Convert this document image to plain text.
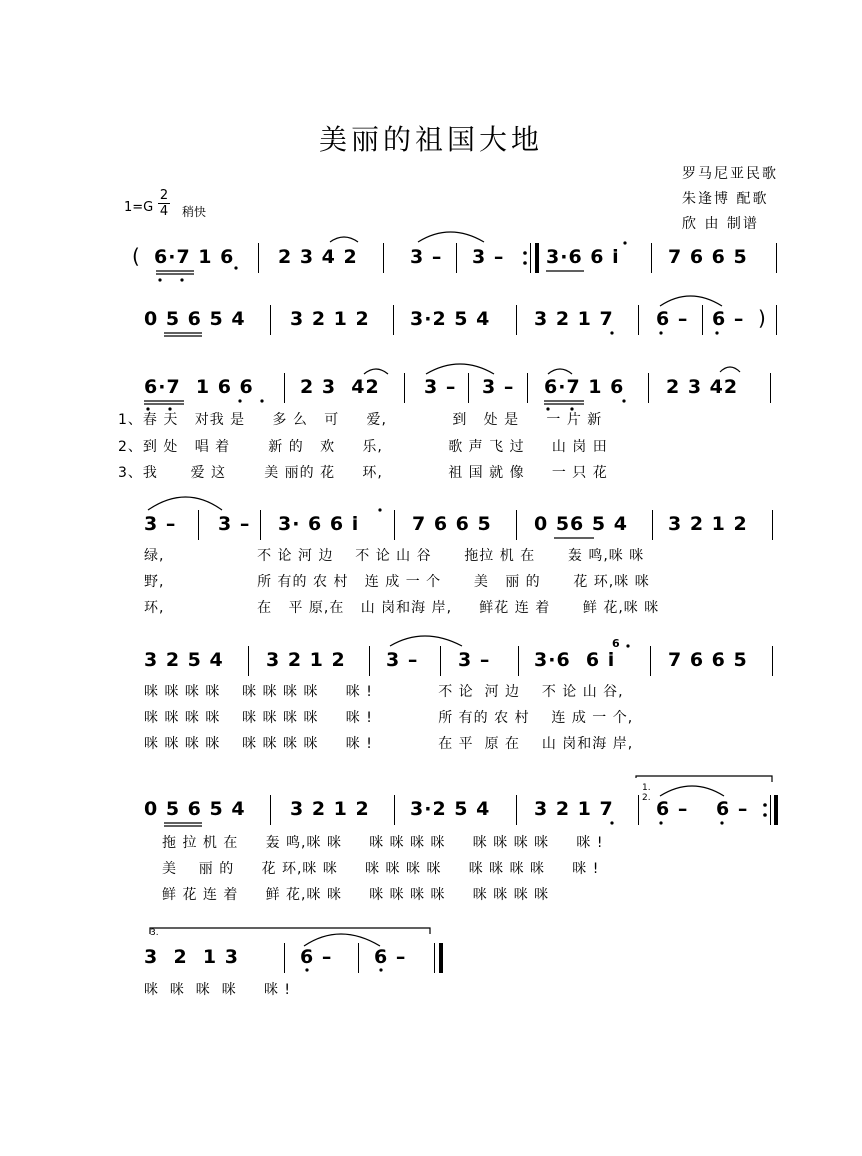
美丽的祖国大地
罗马尼亚民歌
朱逢博 配歌
欣 由 制谱
1=G
2
4 稍快
( 6·7 1 6 2 3 4 2	3 – 3 – 3·6 6 i	7 6 6 5
0 5 6 5 4 3 2 1 2 3·2 5 4 3 2 1 7 6 – 6 – )
6·7  1 6 6 2 3  42 3 – 3 – 6·7 1 6 2 3 42
1、春 天   对我 是     多 么   可     爱,            到   处 是     一 片 新
2、到 处   唱 着       新 的   欢     乐,            歌 声 飞 过     山 岗 田
3、我      爱 这       美 丽的 花     环,            祖 国 就 像     一 只 花
3 – 3 – 3· 6 6 i	7 6 6 5 0 56 5 4 3 2 1 2
绿,                 不 论 河 边    不 论 山 谷      拖拉 机 在      轰 鸣,咪 咪
野,                 所 有的 农 村   连 成 一 个      美   丽 的      花 环,咪 咪
环,                 在   平 原,在   山 岗和海 岸,     鲜花 连 着      鲜 花,咪 咪
3 2 5 4 3 2 1 2 3 – 3 – 3·6  6 i
6
7 6 6 5
咪 咪 咪 咪    咪 咪 咪 咪     咪 !            不 论  河 边    不 论 山 谷,
咪 咪 咪 咪    咪 咪 咪 咪     咪 !            所 有的 农 村    连 成 一 个,
咪 咪 咪 咪    咪 咪 咪 咪     咪 !            在 平  原 在    山 岗和海 岸,
1. 2.
0 5 6 5 4 3 2 1 2 3·2 5 4 3 2 1 7 6 – 6 –
拖 拉 机 在     轰 鸣,咪 咪     咪 咪 咪 咪     咪 咪 咪 咪     咪 !
美    丽 的     花 环,咪 咪     咪 咪 咪 咪     咪 咪 咪 咪     咪 !
鲜 花 连 着     鲜 花,咪 咪     咪 咪 咪 咪     咪 咪 咪 咪
3.
3  2  1 3	6 – 6 –
咪  咪  咪  咪     咪 !
